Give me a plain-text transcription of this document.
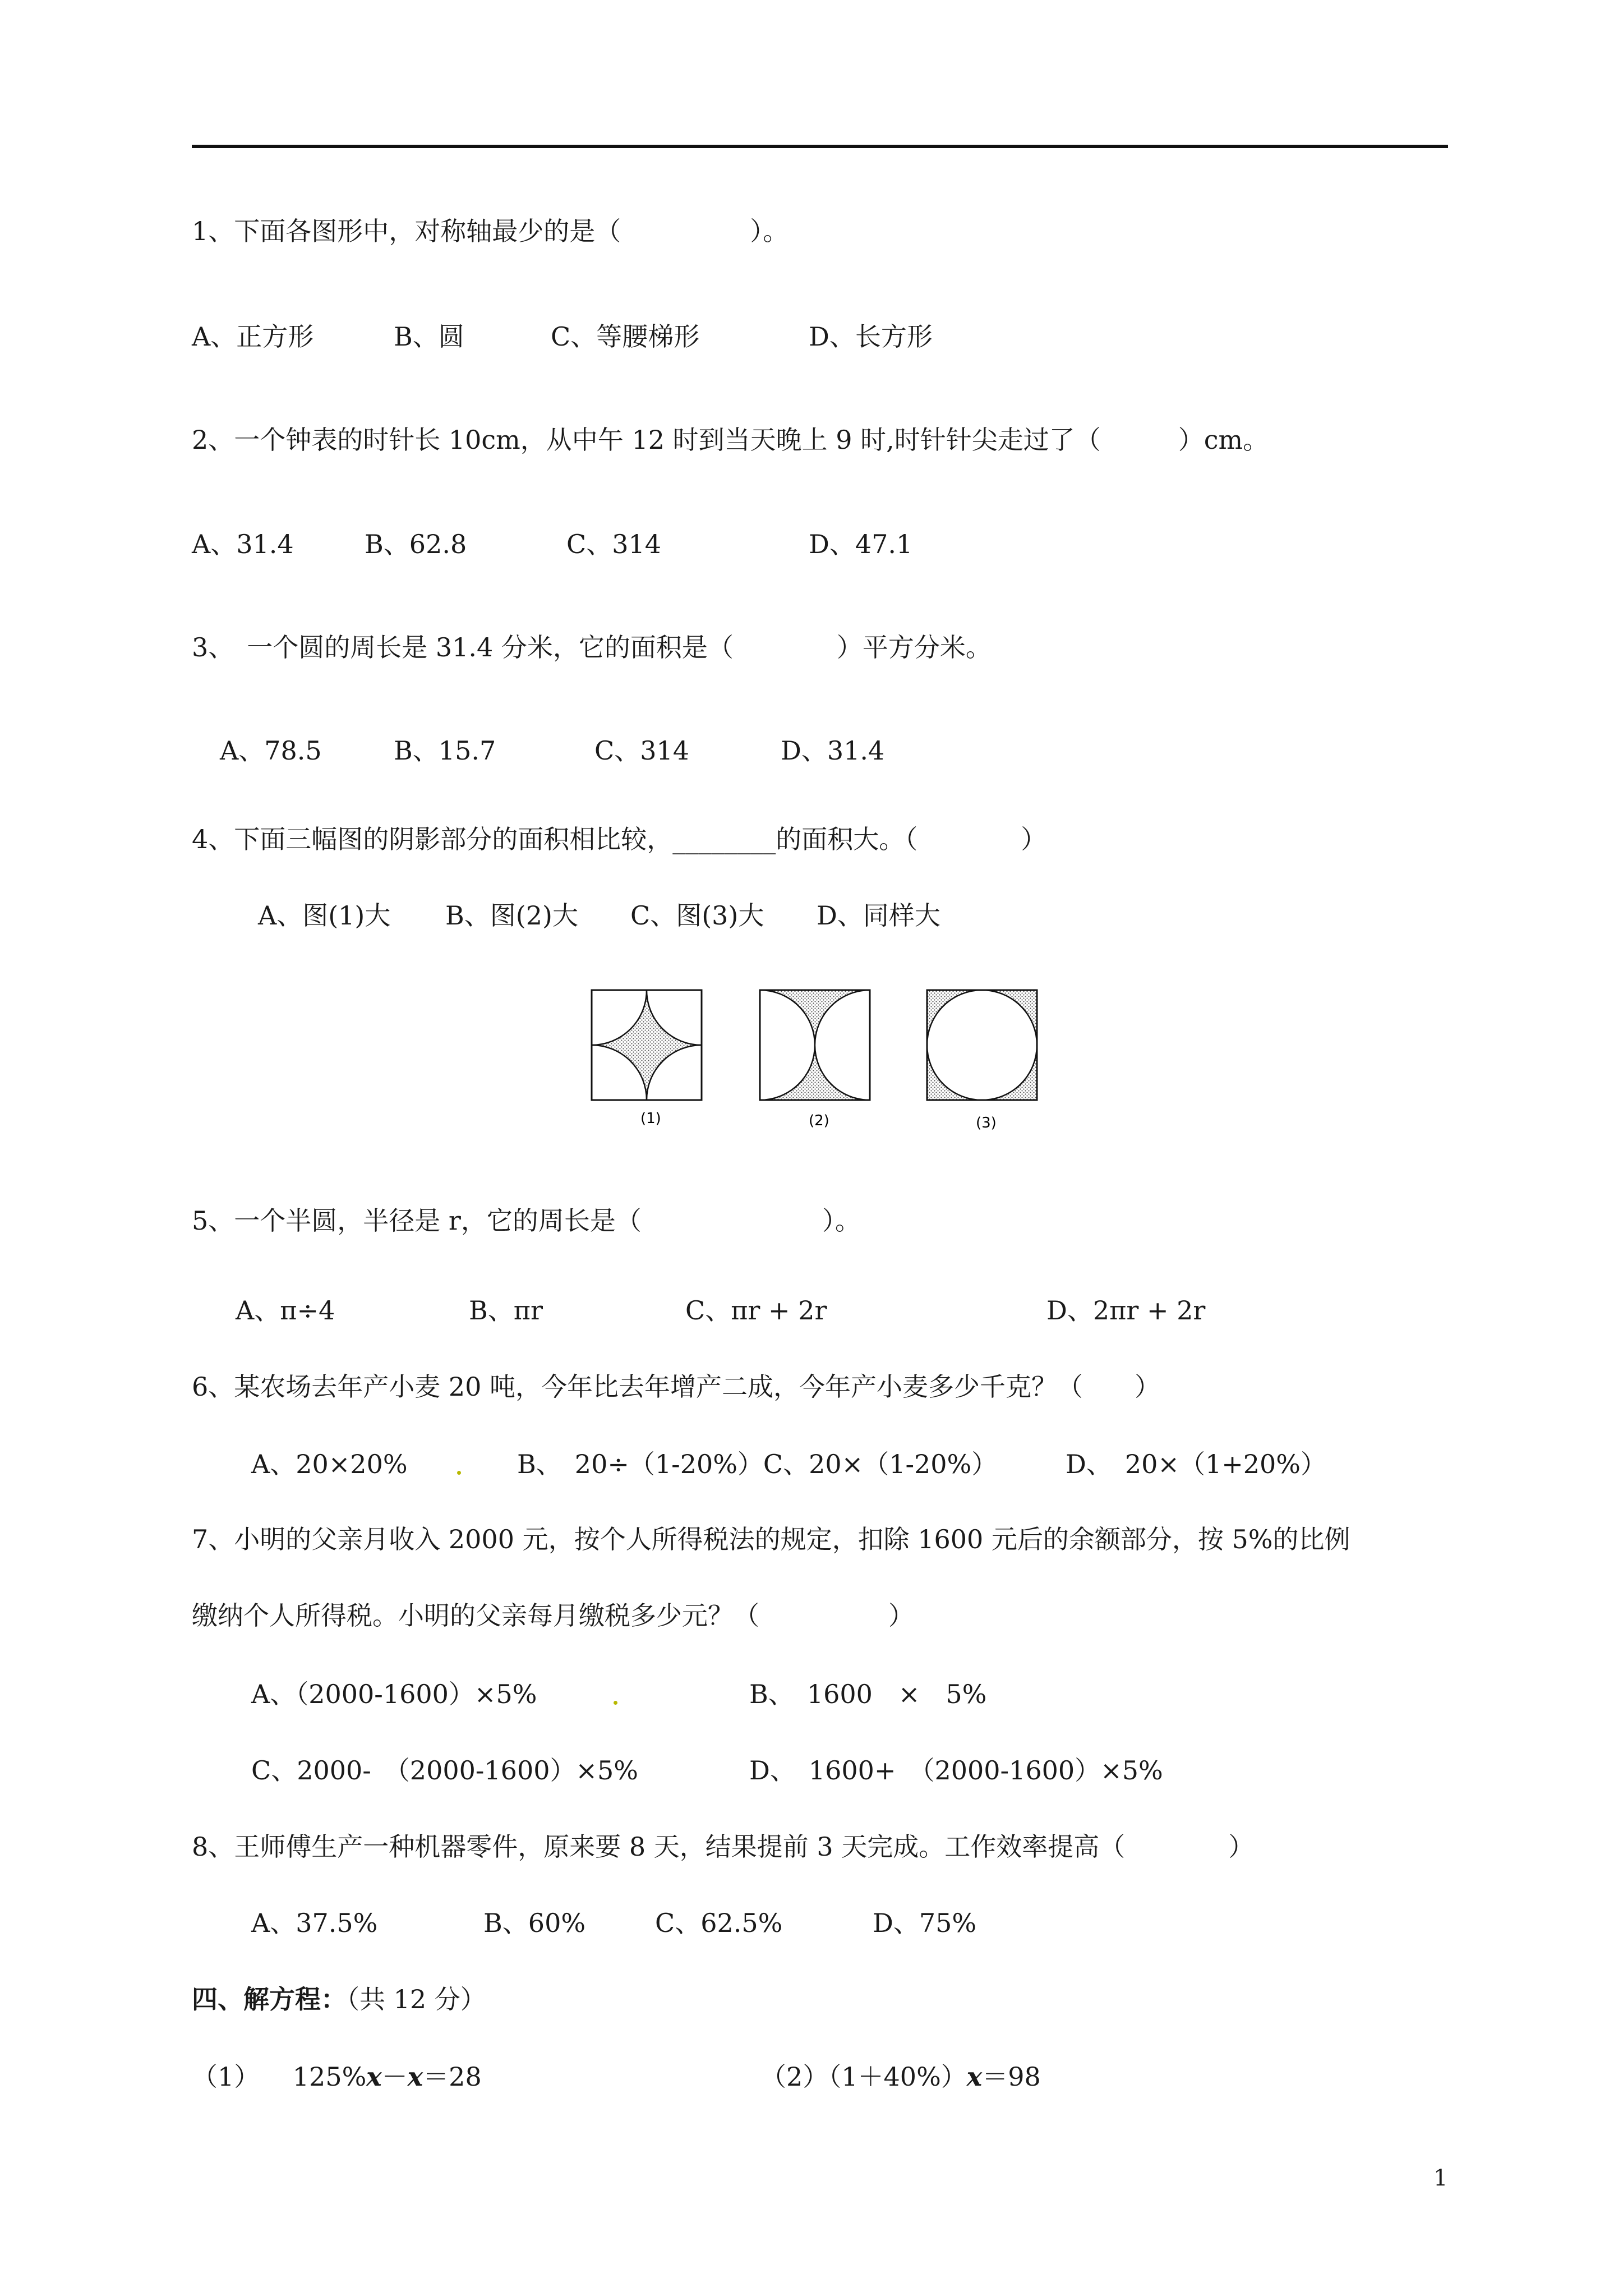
1、下面各图形中，对称轴最少的是（　　　　　）。
A、正方形	B、圆	C、等腰梯形	D、长方形
2、一个钟表的时针长 10cm，从中午 12 时到当天晚上 9 时,时针针尖走过了（　　　）cm。
A、31.4	B、62.8	C、314	D、47.1
3、　一个圆的周长是 31.4 分米，它的面积是（　　　　）平方分米。
A、78.5	B、15.7	C、314	D、31.4
4、下面三幅图的阴影部分的面积相比较，________的面积大。（　　　　）
A、图(1)大 B、图(2)大 C、图(3)大 D、同样大
(1)	(2)	(3)
5、一个半圆，半径是 r，它的周长是（　　　　　　　）。
A、π÷4	B、πr	C、πr + 2r	D、2πr + 2r
6、某农场去年产小麦 20 吨，今年比去年增产二成，今年产小麦多少千克？（　　）
A、20×20%	B、　20÷（1-20%）C、20×（1-20%）	D、　20×（1+20%）
7、小明的父亲月收入 2000 元，按个人所得税法的规定，扣除 1600 元后的余额部分，按 5%的比例
缴纳个人所得税。小明的父亲每月缴税多少元？（　　　　　）
A、（2000-1600）×5%	B、　1600　×　5%
C、2000-　（2000-1600）×5%	D、　1600+　（2000-1600）×5%
8、王师傅生产一种机器零件，原来要 8 天，结果提前 3 天完成。工作效率提高（　　　　）
A、37.5%	B、60%	C、62.5%	D、75%
四、解方程：（共 12 分）
（1） 125%x－x＝28	（2）（1＋40%）x＝98
1
